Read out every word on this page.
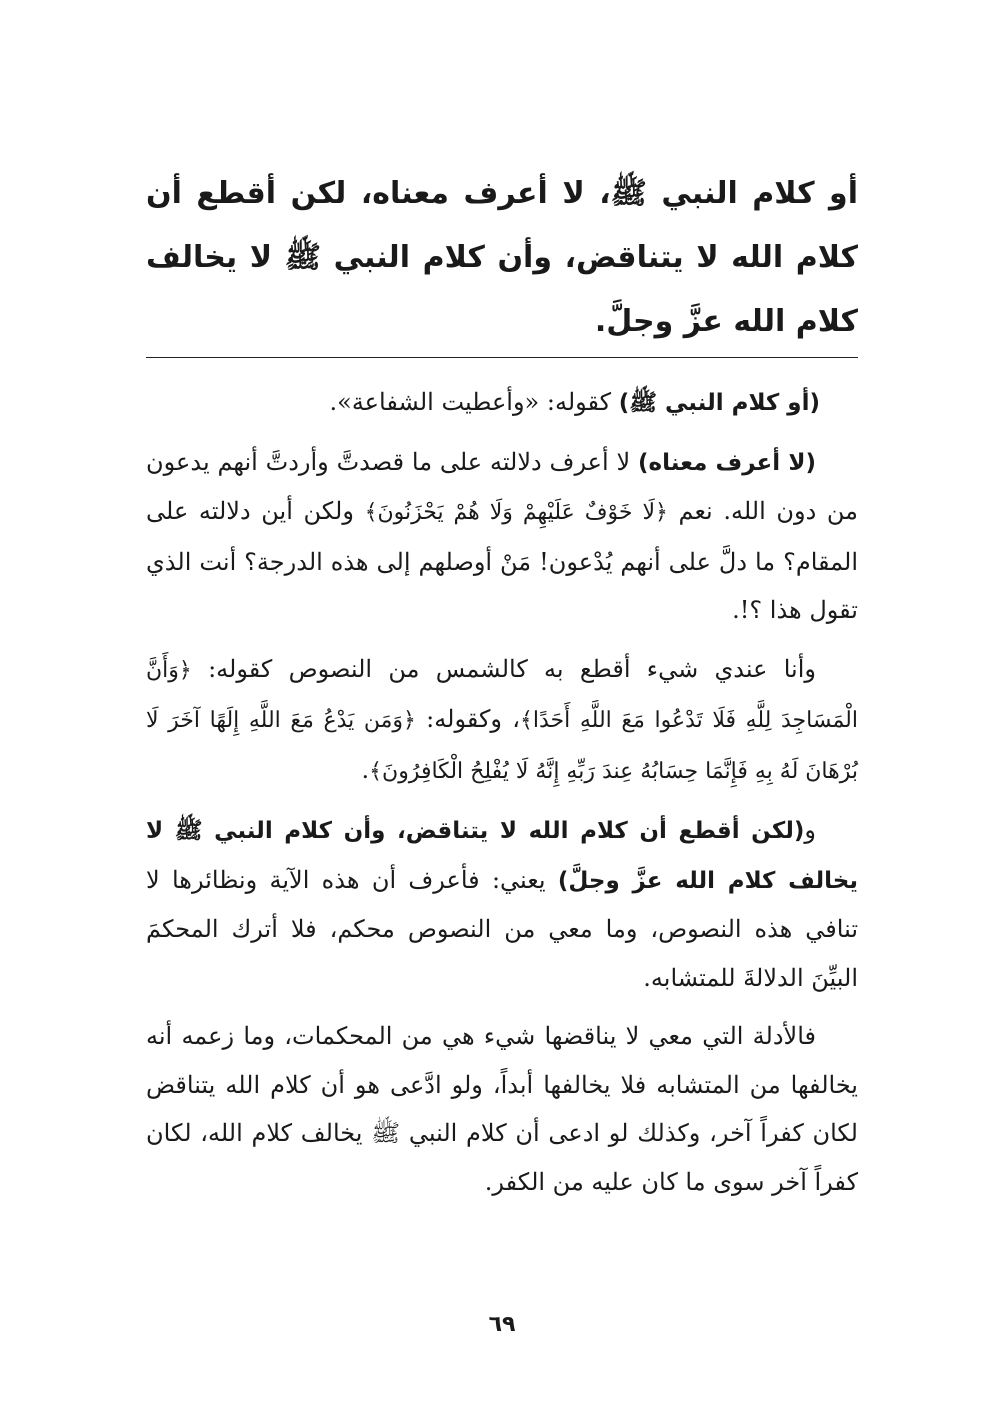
أو كلام النبي ﷺ، لا أعرف معناه، لكن أقطع أن كلام الله لا يتناقض، وأن كلام النبي ﷺ لا يخالف كلام الله عزَّ وجلَّ.

(أو كلام النبي ﷺ) كقوله: «وأعطيت الشفاعة».

(لا أعرف معناه) لا أعرف دلالته على ما قصدتَّ وأردتَّ أنهم يدعون من دون الله. نعم ﴿لَا خَوْفٌ عَلَيْهِمْ وَلَا هُمْ يَحْزَنُونَ﴾ ولكن أين دلالته على المقام؟ ما دلَّ على أنهم يُدْعون! مَنْ أوصلهم إلى هذه الدرجة؟ أنت الذي تقول هذا ؟!.

وأنا عندي شيء أقطع به كالشمس من النصوص كقوله: ﴿وَأَنَّ الْمَسَاجِدَ لِلَّهِ فَلَا تَدْعُوا مَعَ اللَّهِ أَحَدًا﴾، وكقوله: ﴿وَمَن يَدْعُ مَعَ اللَّهِ إِلَهًا آخَرَ لَا بُرْهَانَ لَهُ بِهِ فَإِنَّمَا حِسَابُهُ عِندَ رَبِّهِ إِنَّهُ لَا يُفْلِحُ الْكَافِرُونَ﴾.

و(لكن أقطع أن كلام الله لا يتناقض، وأن كلام النبي ﷺ لا يخالف كلام الله عزَّ وجلَّ) يعني: فأعرف أن هذه الآية ونظائرها لا تنافي هذه النصوص، وما معي من النصوص محكم، فلا أترك المحكمَ البيِّنَ الدلالةَ للمتشابه.

فالأدلة التي معي لا يناقضها شيء هي من المحكمات، وما زعمه أنه يخالفها من المتشابه فلا يخالفها أبداً، ولو ادَّعى هو أن كلام الله يتناقض لكان كفراً آخر، وكذلك لو ادعى أن كلام النبي ﷺ يخالف كلام الله، لكان كفراً آخر سوى ما كان عليه من الكفر.

٦٩
